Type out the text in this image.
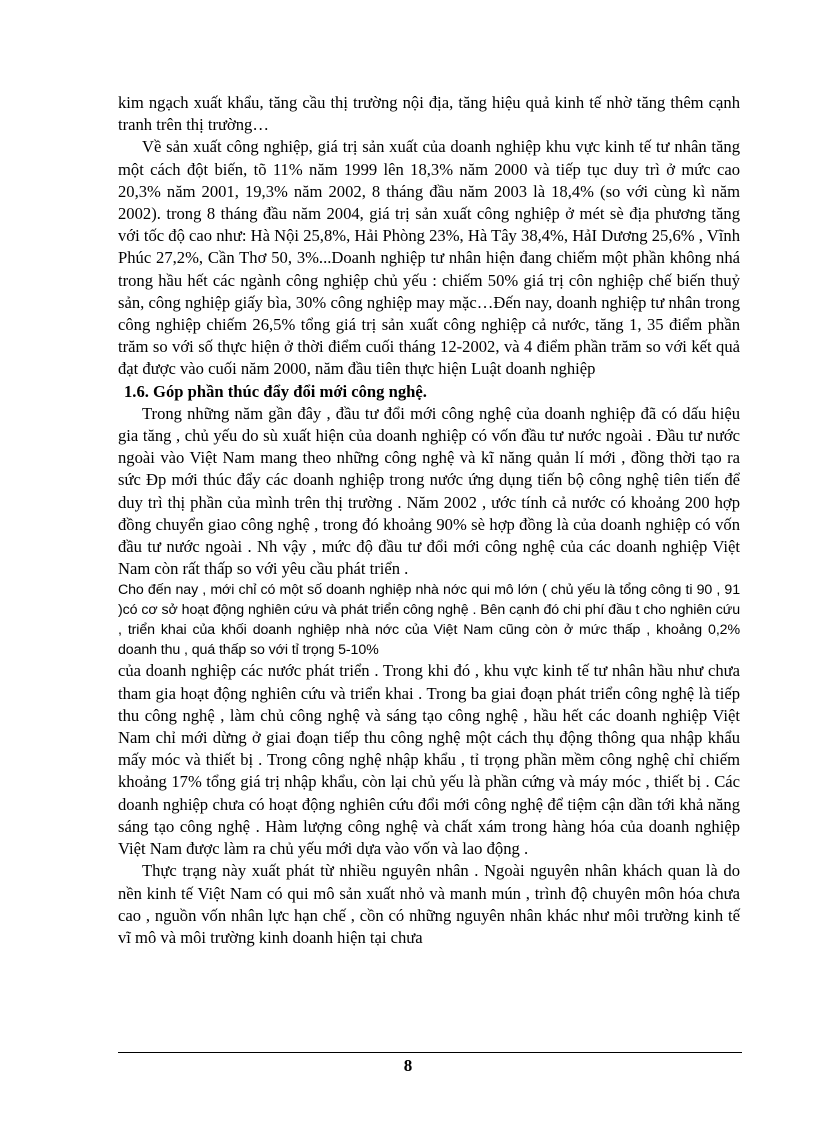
kim ngạch xuất khẩu, tăng cầu thị trường nội địa, tăng hiệu quả kinh tế nhờ tăng thêm cạnh tranh trên thị trường…

Về sản xuất công nghiệp, giá trị sản xuất của doanh nghiệp khu vực kinh tế tư nhân tăng một cách đột biến, tõ 11% năm 1999 lên 18,3% năm 2000 và tiếp tục duy trì ở mức cao 20,3% năm 2001, 19,3% năm 2002, 8 tháng đầu năm 2003 là 18,4% (so với cùng kì năm 2002). trong 8 tháng đầu năm 2004, giá trị sản xuất công nghiệp ở mét sè địa phương tăng với tốc độ cao như: Hà Nội 25,8%, Hải Phòng 23%, Hà Tây 38,4%, HảI Dương 25,6% , Vĩnh Phúc 27,2%, Cần Thơ 50, 3%...Doanh nghiệp tư nhân hiện đang chiếm một phần không nhá trong hầu hết các ngành công nghiệp chủ yếu : chiếm 50% giá trị côn nghiệp chế biến thuỷ sản, công nghiệp giấy bìa, 30% công nghiệp may mặc…Đến nay, doanh nghiệp tư nhân trong công nghiệp chiếm 26,5% tổng giá trị sản xuất công nghiệp cả nước, tăng 1, 35 điểm phần trăm so với số thực hiện ở thời điểm cuối tháng 12-2002, và 4 điểm phần trăm so với kết quả đạt được vào cuối năm 2000, năm đầu tiên thực hiện Luật doanh nghiệp

1.6. Góp phần thúc đẩy đổi mới công nghệ.

Trong những năm gần đây , đầu tư đổi mới công nghệ của doanh nghiệp đã có dấu hiệu gia tăng , chủ yếu do sù xuất hiện của doanh nghiệp có vốn đầu tư nước ngoài . Đầu tư nước ngoài vào Việt Nam mang theo những công nghệ và kĩ năng quản lí mới , đồng thời tạo ra sức Ðp mới thúc đẩy các doanh nghiệp trong nước ứng dụng tiến bộ công nghệ tiên tiến để duy trì thị phần của mình trên thị trường . Năm 2002 , ước tính cả nước có khoảng 200 hợp đồng chuyển giao công nghệ , trong đó khoảng 90% sè hợp đồng là của doanh nghiệp có vốn đầu tư nước ngoài . Nh vậy , mức độ đầu tư đổi mới công nghệ của các doanh nghiệp Việt Nam còn rất thấp so với yêu cầu phát triển .

Cho đến nay , mới chỉ có một số doanh nghiệp nhà nớc qui mô lớn ( chủ yếu là tổng công ti 90 , 91 )có cơ sở hoạt động nghiên cứu và phát triển công nghệ . Bên cạnh đó chi phí đầu t cho nghiên cứu , triển khai của khối doanh nghiệp nhà nớc của Việt Nam cũng còn ở mức thấp , khoảng 0,2% doanh thu , quá thấp so với tỉ trọng 5-10%

của doanh nghiệp các nước phát triển . Trong khi đó , khu vực kinh tế tư nhân hầu như chưa tham gia hoạt động nghiên cứu và triển khai . Trong ba giai đoạn phát triển công nghệ là tiếp thu công nghệ , làm chủ công nghệ và sáng tạo công nghệ , hầu hết các doanh nghiệp Việt Nam chỉ mới dừng ở giai đoạn tiếp thu công nghệ một cách thụ động thông qua nhập khẩu mấy móc và thiết bị . Trong công nghệ nhập khẩu , tỉ trọng phần mềm công nghệ chỉ chiếm khoảng 17% tổng giá trị nhập khẩu, còn lại chủ yếu là phần cứng và máy móc , thiết bị . Các doanh nghiệp chưa có hoạt động nghiên cứu đổi mới công nghệ để tiệm cận dần tới khả năng sáng tạo công nghệ . Hàm lượng công nghệ và chất xám trong hàng hóa của doanh nghiệp Việt Nam được làm ra chủ yếu mới dựa vào vốn và lao động .

Thực trạng này xuất phát từ nhiều nguyên nhân . Ngoài nguyên nhân khách quan là do nền kinh tế Việt Nam có qui mô sản xuất nhỏ và manh mún , trình độ chuyên môn hóa chưa cao , nguồn vốn nhân lực hạn chế , cồn có những nguyên nhân khác như môi trường kinh tế vĩ mô và môi trường kinh doanh hiện tại chưa

8
